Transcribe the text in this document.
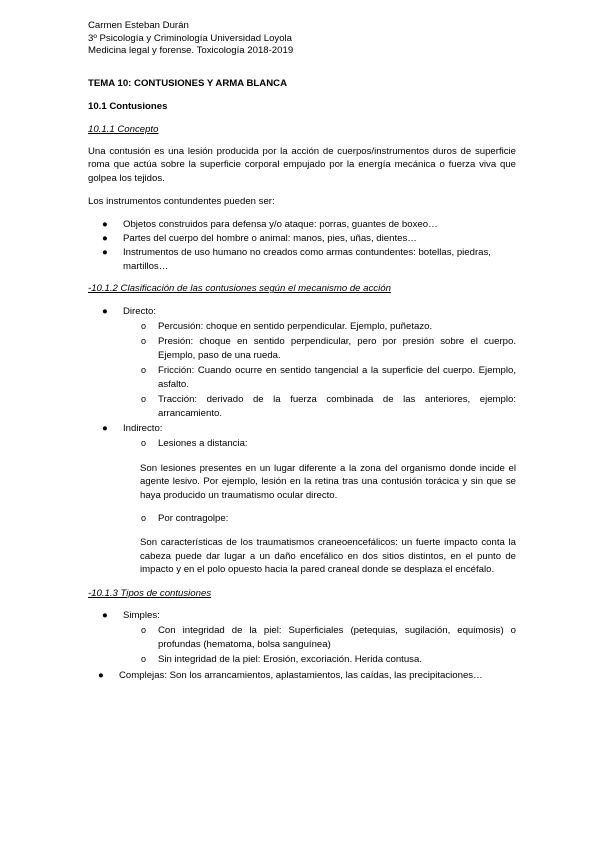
Carmen Esteban Durán

3º Psicología y Criminología Universidad Loyola

Medicina legal y forense. Toxicología 2018-2019

TEMA 10: CONTUSIONES Y ARMA BLANCA

10.1 Contusiones

10.1.1 Concepto

Una contusión es una lesión producida por la acción de cuerpos/instrumentos duros de superficie roma que actúa sobre la superficie corporal empujado por la energía mecánica o fuerza viva que golpea los tejidos.

Los instrumentos contundentes pueden ser:

● Objetos construidos para defensa y/o ataque: porras, guantes de boxeo…
● Partes del cuerpo del hombre o animal: manos, pies, uñas, dientes…
● Instrumentos de uso humano no creados como armas contundentes: botellas, piedras, martillos…

-10.1.2 Clasificación de las contusiones según el mecanismo de acción

● Directo:
o Percusión: choque en sentido perpendicular. Ejemplo, puñetazo.
o Presión: choque en sentido perpendicular, pero por presión sobre el cuerpo. Ejemplo, paso de una rueda.
o Fricción: Cuando ocurre en sentido tangencial a la superficie del cuerpo. Ejemplo, asfalto.
o Tracción: derivado de la fuerza combinada de las anteriores, ejemplo: arrancamiento.
● Indirecto:
o Lesiones a distancia:

Son lesiones presentes en un lugar diferente a la zona del organismo donde incide el agente lesivo. Por ejemplo, lesión en la retina tras una contusión torácica y sin que se haya producido un traumatismo ocular directo.

o Por contragolpe:

Son características de los traumatismos craneoencefálicos: un fuerte impacto conta la cabeza puede dar lugar a un daño encefálico en dos sitios distintos, en el punto de impacto y en el polo opuesto hacia la pared craneal donde se desplaza el encéfalo.

-10.1.3 Tipos de contusiones

● Simples:
o Con integridad de la piel: Superficiales (petequias, sugilación, equimosis) o profundas (hematoma, bolsa sanguínea)
o Sin integridad de la piel: Erosión, excoriación. Herida contusa.
● Complejas: Son los arrancamientos, aplastamientos, las caídas, las precipitaciones…
